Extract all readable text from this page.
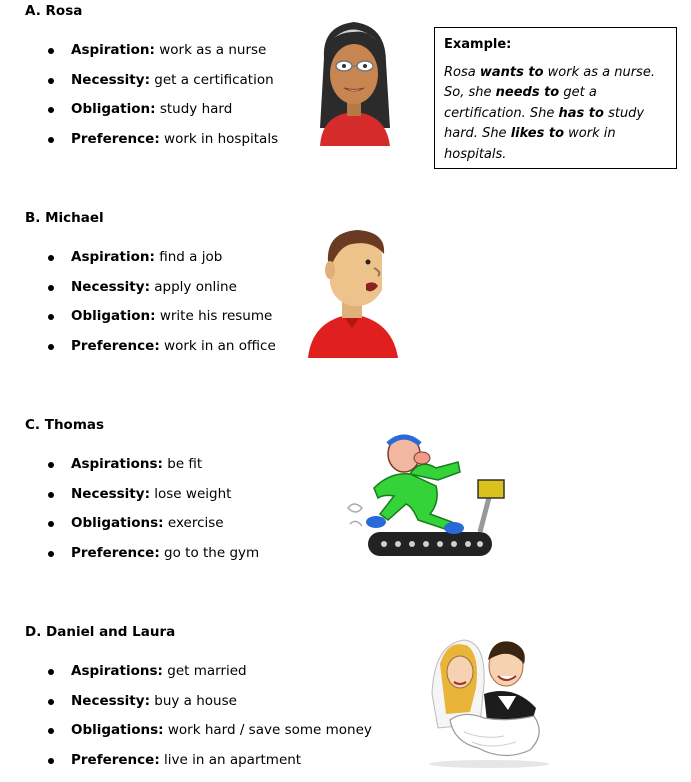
A. Rosa
Aspiration: work as a nurse
Necessity: get a certification
Obligation: study hard
Preference: work in hospitals
Example:
Rosa wants to work as a nurse. So, she needs to get a certification. She has to study hard. She likes to work in hospitals.
B. Michael
Aspiration: find a job
Necessity: apply online
Obligation: write his resume
Preference: work in an office
C. Thomas
Aspirations: be fit
Necessity: lose weight
Obligations: exercise
Preference: go to the gym
D. Daniel and Laura
Aspirations: get married
Necessity: buy a house
Obligations: work hard / save some money
Preference: live in an apartment
